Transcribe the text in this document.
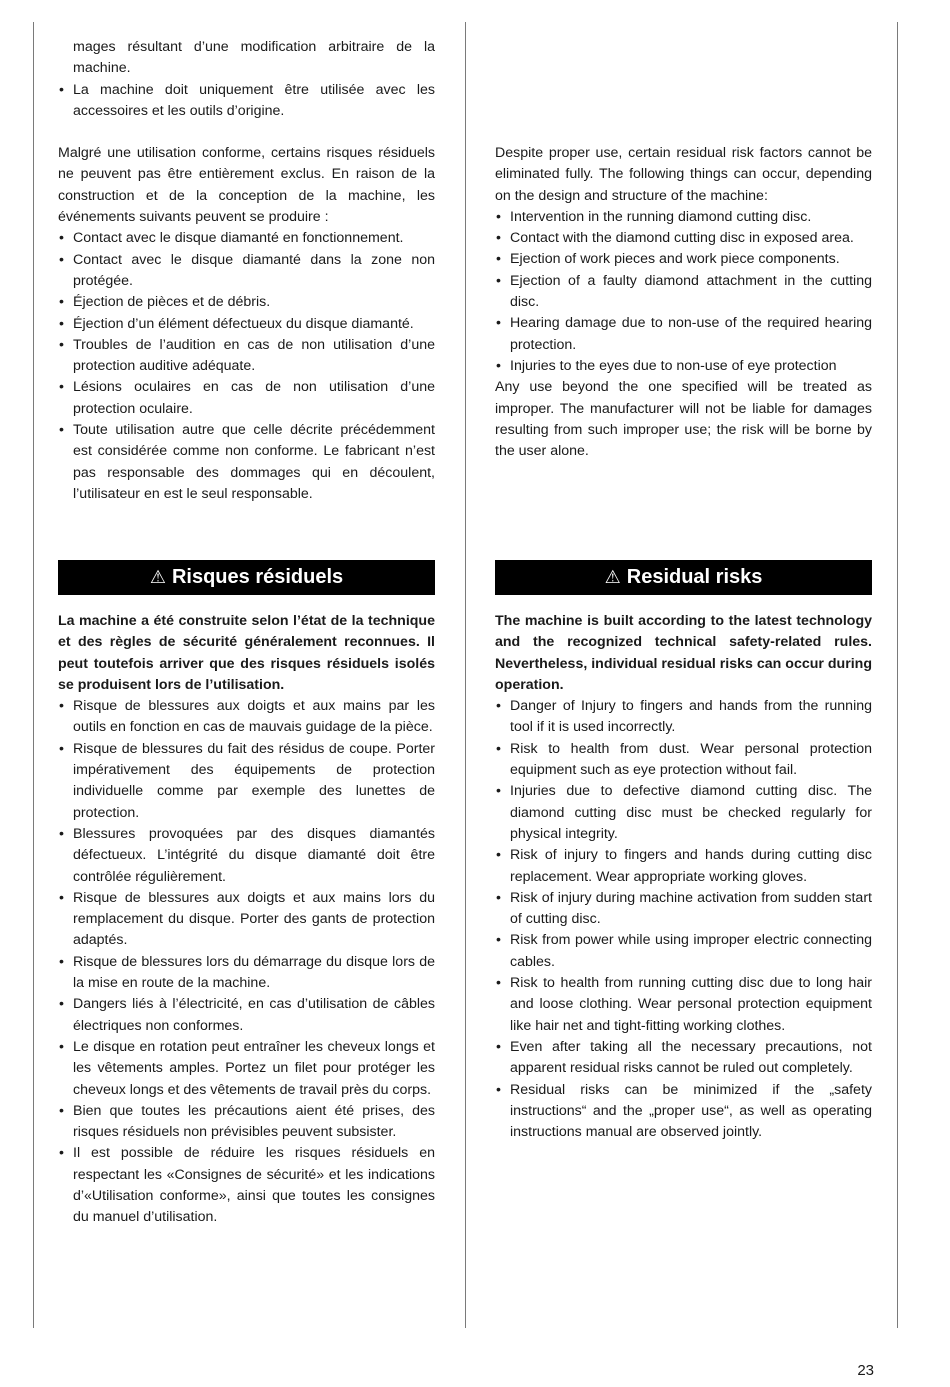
mages résultant d’une modification arbitraire de la machine.
• La machine doit uniquement être utilisée avec les accessoires et les outils d’origine.

Malgré une utilisation conforme, certains risques résiduels ne peuvent pas être entièrement exclus. En raison de la construction et de la conception de la machine, les événements suivants peuvent se produire :

• Contact avec le disque diamanté en fonctionnement.
• Contact avec le disque diamanté dans la zone non protégée.
• Éjection de pièces et de débris.
• Éjection d’un élément défectueux du disque diamanté.
• Troubles de l’audition en cas de non utilisation d’une protection auditive adéquate.
• Lésions oculaires en cas de non utilisation d’une protection oculaire.
• Toute utilisation autre que celle décrite précédemment est considérée comme non conforme. Le fabricant n’est pas responsable des dommages qui en découlent, l’utilisateur en est le seul responsable.

Despite proper use, certain residual risk factors cannot be eliminated fully. The following things can occur, depending on the design and structure of the machine:

• Intervention in the running diamond cutting disc.
• Contact with the diamond cutting disc in exposed area.
• Ejection of work pieces and work piece components.
• Ejection of a faulty diamond attachment in the cutting disc.
• Hearing damage due to non-use of the required hearing protection.
• Injuries to the eyes due to non-use of eye protection

Any use beyond the one specified will be treated as improper. The manufacturer will not be liable for damages resulting from such improper use; the risk will be borne by the user alone.

⚠ Risques résiduels	⚠ Residual risks

La machine a été construite selon l’état de la technique et des règles de sécurité généralement reconnues. Il peut toutefois arriver que des risques résiduels isolés se produisent lors de l’utilisation.

• Risque de blessures aux doigts et aux mains par les outils en fonction en cas de mauvais guidage de la pièce.
• Risque de blessures du fait des résidus de coupe. Porter impérativement des équipements de protection individuelle comme par exemple des lunettes de protection.
• Blessures provoquées par des disques diamantés défectueux. L’intégrité du disque diamanté doit être contrôlée régulièrement.
• Risque de blessures aux doigts et aux mains lors du remplacement du disque. Porter des gants de protection adaptés.
• Risque de blessures lors du démarrage du disque lors de la mise en route de la machine.
• Dangers liés à l’électricité, en cas d’utilisation de câbles électriques non conformes.
• Le disque en rotation peut entraîner les cheveux longs et les vêtements amples. Portez un filet pour protéger les cheveux longs et des vêtements de travail près du corps.
• Bien que toutes les précautions aient été prises, des risques résiduels non prévisibles peuvent subsister.
• Il est possible de réduire les risques résiduels en respectant les «Consignes de sécurité» et les indications d’«Utilisation conforme», ainsi que toutes les consignes du manuel d’utilisation.

The machine is built according to the latest technology and the recognized technical safety-related rules. Nevertheless, individual residual risks can occur during operation.

• Danger of Injury to fingers and hands from the running tool if it is used incorrectly.
• Risk to health from dust. Wear personal protection equipment such as eye protection without fail.
• Injuries due to defective diamond cutting disc. The diamond cutting disc must be checked regularly for physical integrity.
• Risk of injury to fingers and hands during cutting disc replacement. Wear appropriate working gloves.
• Risk of injury during machine activation from sudden start of cutting disc.
• Risk from power while using improper electric connecting cables.
• Risk to health from running cutting disc due to long hair and loose clothing. Wear personal protection equipment like hair net and tight-fitting working clothes.
• Even after taking all the necessary precautions, not apparent residual risks cannot be ruled out completely.
• Residual risks can be minimized if the „safety instructions“ and the „proper use“, as well as operating instructions manual are observed jointly.
23
